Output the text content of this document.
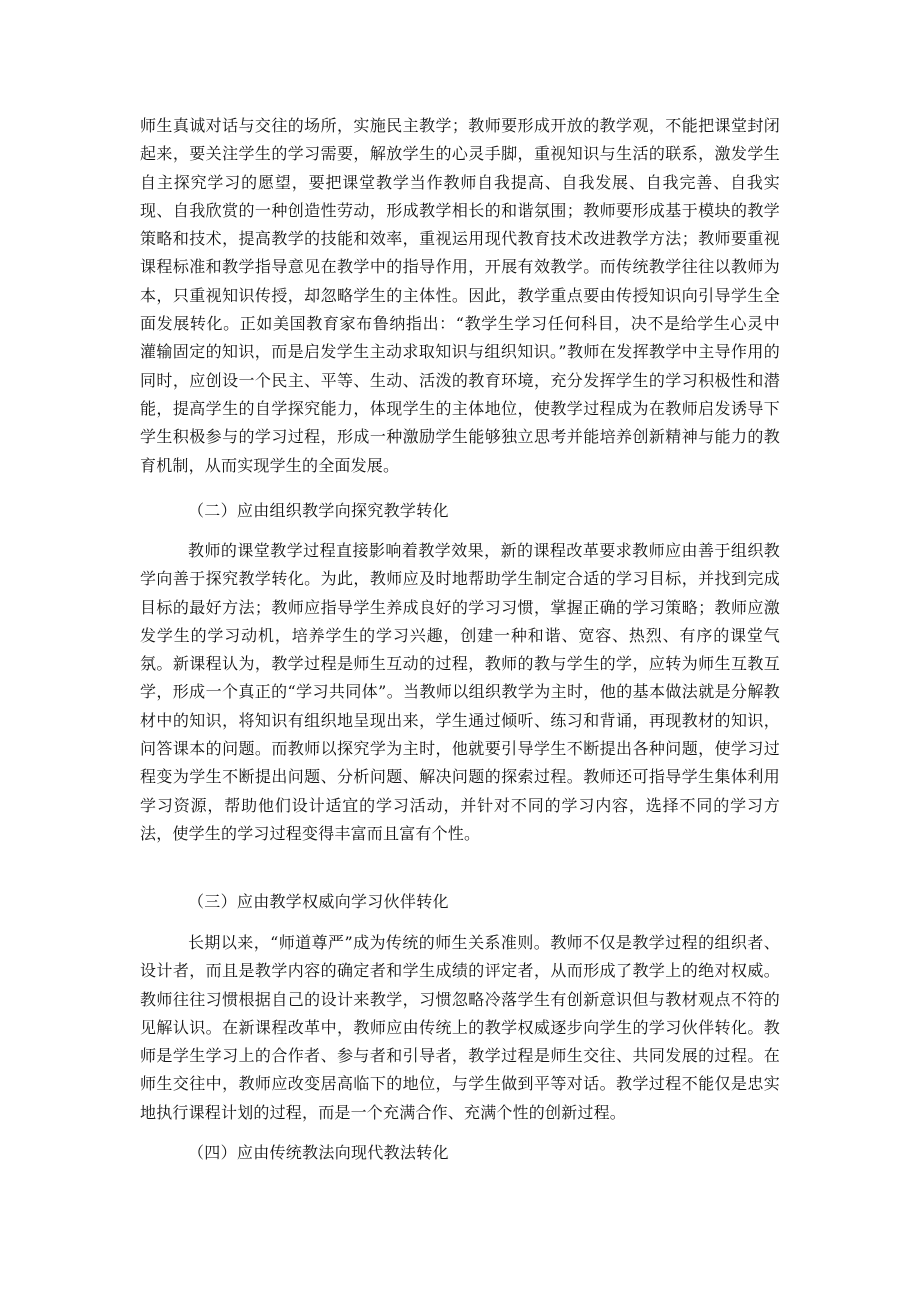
师生真诚对话与交往的场所，实施民主教学；教师要形成开放的教学观，不能把课堂封闭起来，要关注学生的学习需要，解放学生的心灵手脚，重视知识与生活的联系，激发学生自主探究学习的愿望，要把课堂教学当作教师自我提高、自我发展、自我完善、自我实现、自我欣赏的一种创造性劳动，形成教学相长的和谐氛围；教师要形成基于模块的教学策略和技术，提高教学的技能和效率，重视运用现代教育技术改进教学方法；教师要重视课程标准和教学指导意见在教学中的指导作用，开展有效教学。而传统教学往往以教师为本，只重视知识传授，却忽略学生的主体性。因此，教学重点要由传授知识向引导学生全面发展转化。正如美国教育家布鲁纳指出：“教学生学习任何科目，决不是给学生心灵中灌输固定的知识，而是启发学生主动求取知识与组织知识。”教师在发挥教学中主导作用的同时，应创设一个民主、平等、生动、活泼的教育环境，充分发挥学生的学习积极性和潜能，提高学生的自学探究能力，体现学生的主体地位，使教学过程成为在教师启发诱导下学生积极参与的学习过程，形成一种激励学生能够独立思考并能培养创新精神与能力的教育机制，从而实现学生的全面发展。

（二）应由组织教学向探究教学转化

教师的课堂教学过程直接影响着教学效果，新的课程改革要求教师应由善于组织教学向善于探究教学转化。为此，教师应及时地帮助学生制定合适的学习目标，并找到完成目标的最好方法；教师应指导学生养成良好的学习习惯，掌握正确的学习策略；教师应激发学生的学习动机，培养学生的学习兴趣，创建一种和谐、宽容、热烈、有序的课堂气氛。新课程认为，教学过程是师生互动的过程，教师的教与学生的学，应转为师生互教互学，形成一个真正的“学习共同体”。当教师以组织教学为主时，他的基本做法就是分解教材中的知识，将知识有组织地呈现出来，学生通过倾听、练习和背诵，再现教材的知识，问答课本的问题。而教师以探究学为主时，他就要引导学生不断提出各种问题，使学习过程变为学生不断提出问题、分析问题、解决问题的探索过程。教师还可指导学生集体利用学习资源，帮助他们设计适宜的学习活动，并针对不同的学习内容，选择不同的学习方法，使学生的学习过程变得丰富而且富有个性。

（三）应由教学权威向学习伙伴转化

长期以来，“师道尊严”成为传统的师生关系准则。教师不仅是教学过程的组织者、设计者，而且是教学内容的确定者和学生成绩的评定者，从而形成了教学上的绝对权威。教师往往习惯根据自己的设计来教学，习惯忽略冷落学生有创新意识但与教材观点不符的见解认识。在新课程改革中，教师应由传统上的教学权威逐步向学生的学习伙伴转化。教师是学生学习上的合作者、参与者和引导者，教学过程是师生交往、共同发展的过程。在师生交往中，教师应改变居高临下的地位，与学生做到平等对话。教学过程不能仅是忠实地执行课程计划的过程，而是一个充满合作、充满个性的创新过程。

（四）应由传统教法向现代教法转化
